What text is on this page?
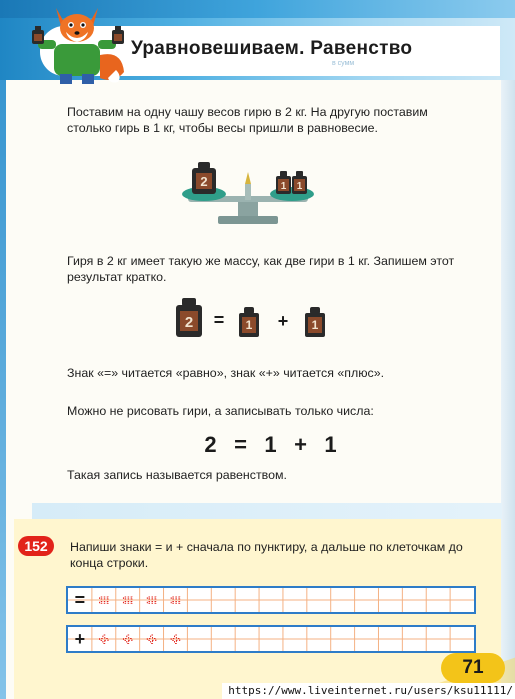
Уравновешиваем. Равенство
в сумм
Поставим на одну чашу весов гирю в 2 кг. На другую поставим столько гирь в 1 кг, чтобы весы пришли в равновесие.
2	1 1
Гиря в 2 кг имеет такую же массу, как две гири в 1 кг. Запишем этот результат кратко.
2 = 1 + 1
Знак «=» читается «равно», знак «+» читается «плюс».
Можно не рисовать гири, а записывать только числа:
2 = 1 + 1
Такая запись называется равенством.
152	Напиши знаки = и + сначала по пунктиру, а дальше по клеточкам до конца строки.
= = = = =
+ + + + +
71
https://www.liveinternet.ru/users/ksu11111/
